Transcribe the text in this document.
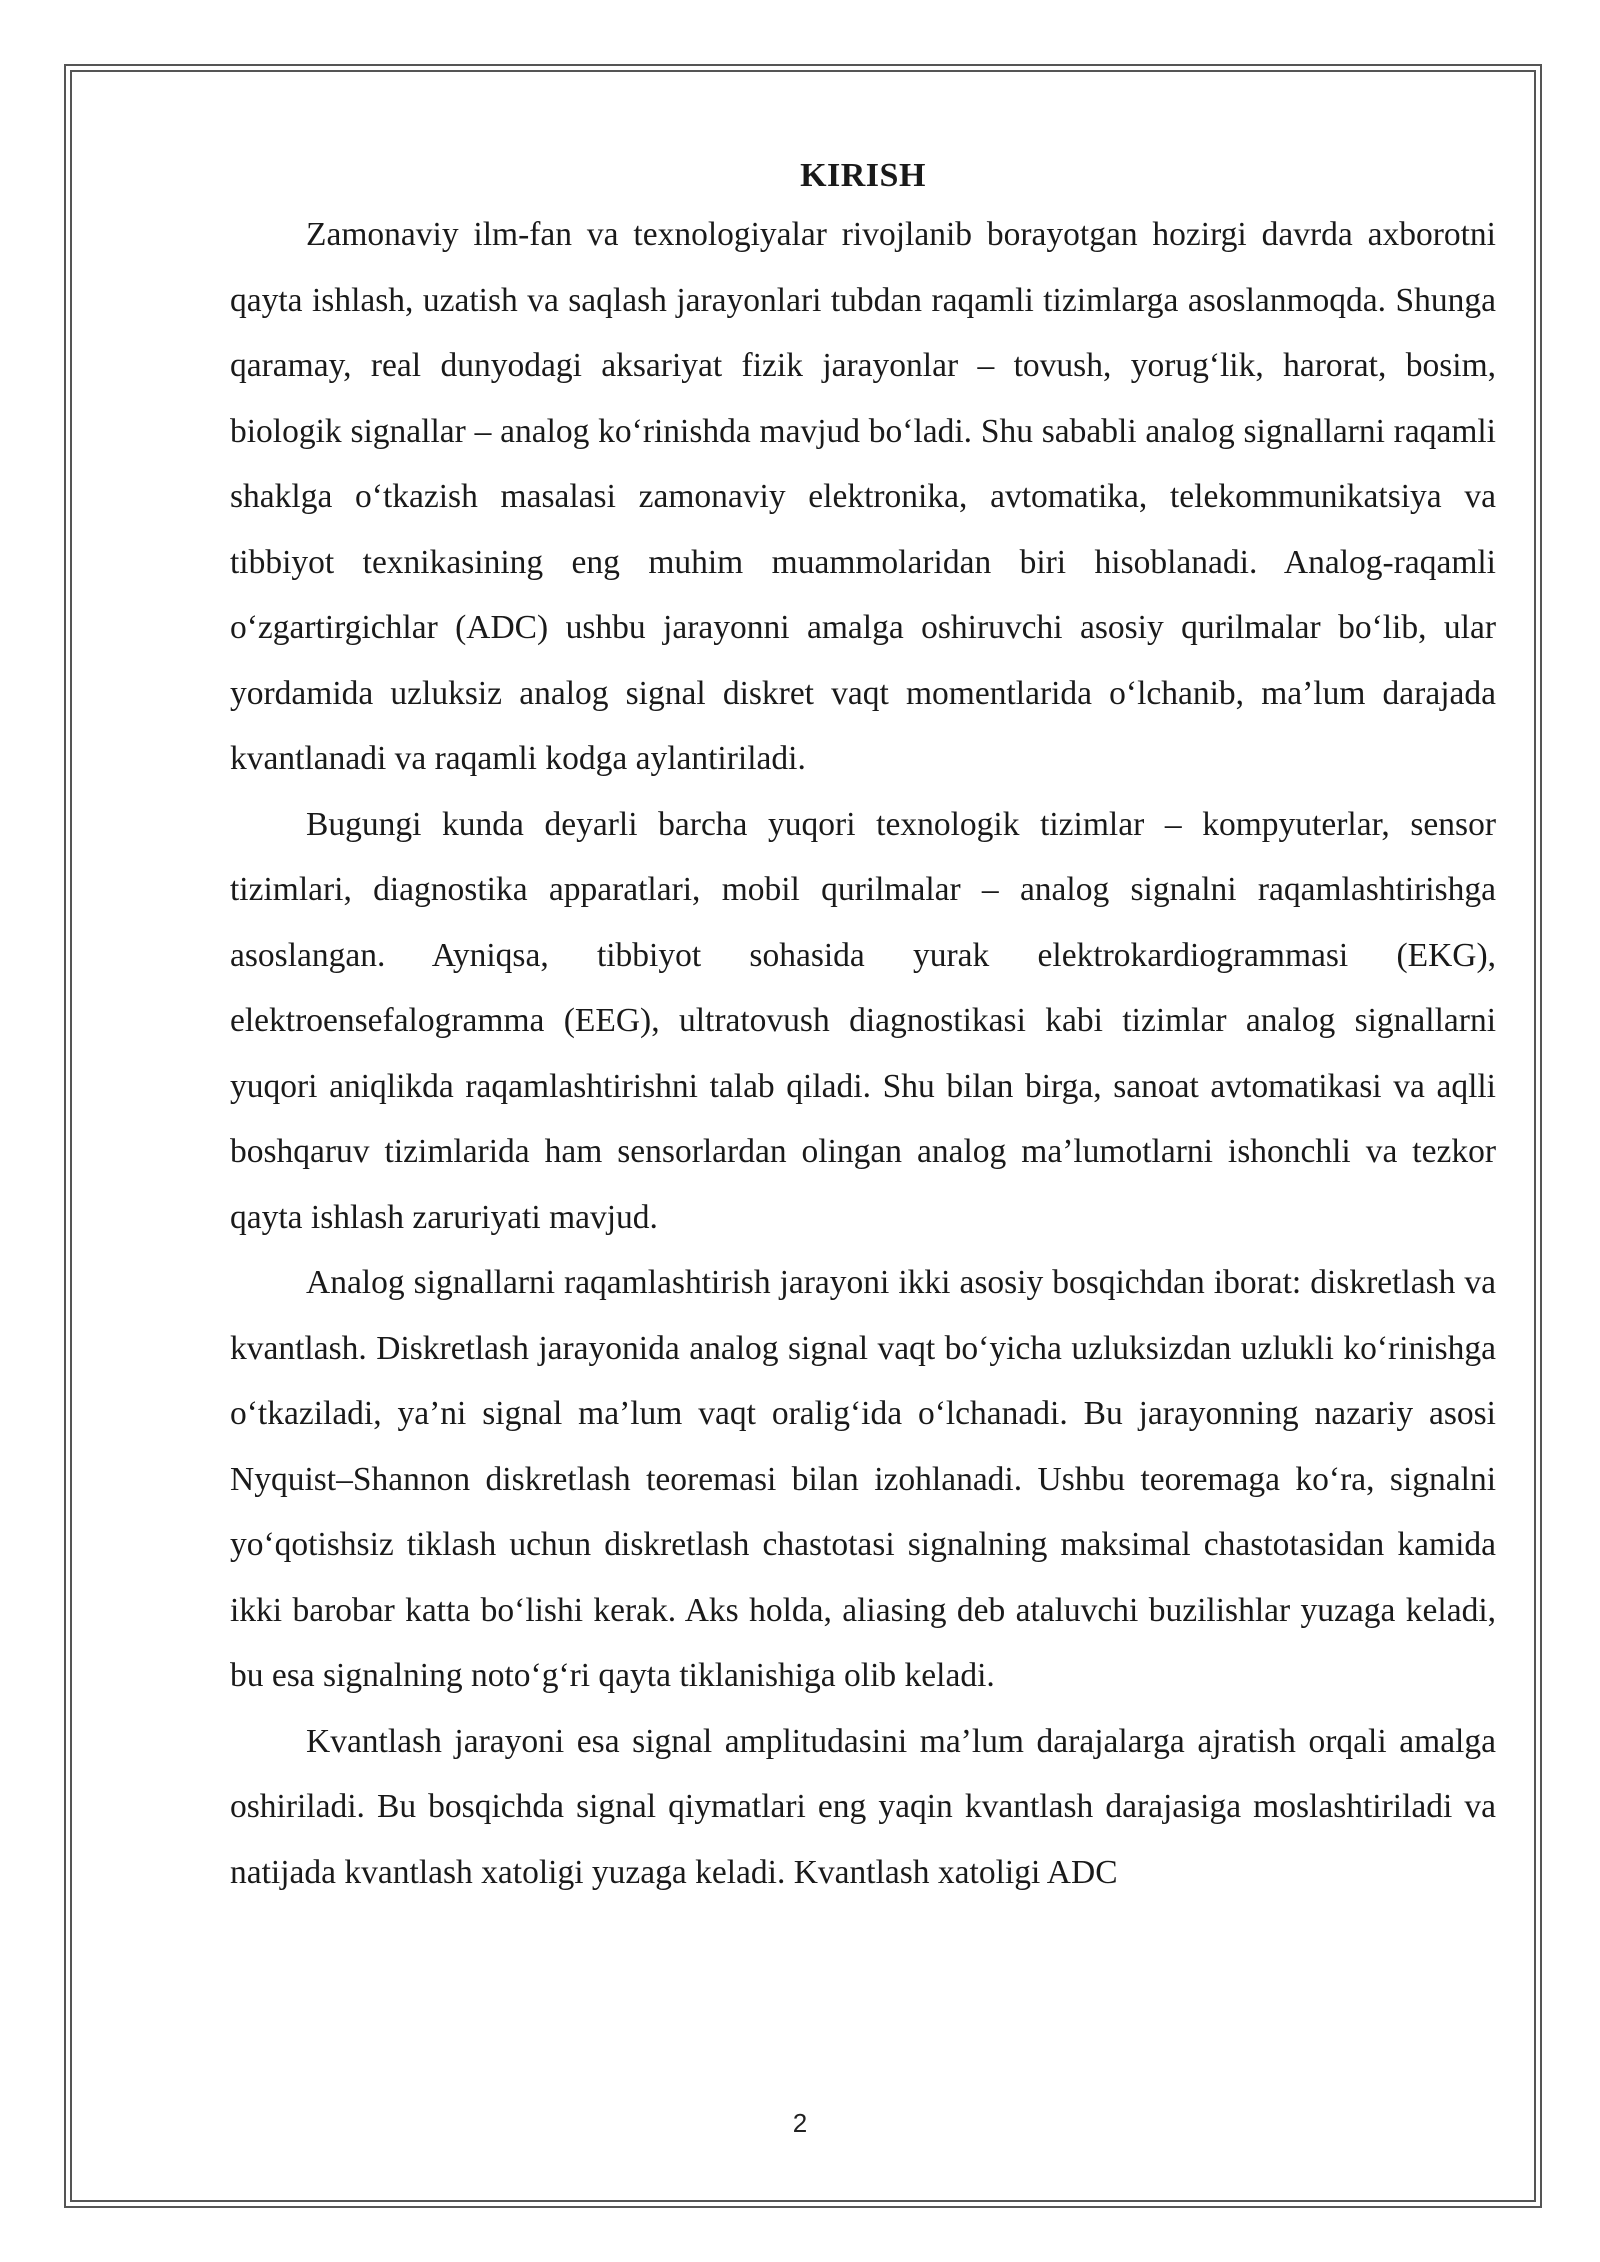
KIRISH

Zamonaviy ilm-fan va texnologiyalar rivojlanib borayotgan hozirgi davrda axborotni qayta ishlash, uzatish va saqlash jarayonlari tubdan raqamli tizimlarga asoslanmoqda. Shunga qaramay, real dunyodagi aksariyat fizik jarayonlar – tovush, yorug‘lik, harorat, bosim, biologik signallar – analog ko‘rinishda mavjud bo‘ladi. Shu sababli analog signallarni raqamli shaklga o‘tkazish masalasi zamonaviy elektronika, avtomatika, telekommunikatsiya va tibbiyot texnikasining eng muhim muammolaridan biri hisoblanadi. Analog-raqamli o‘zgartirgichlar (ADC) ushbu jarayonni amalga oshiruvchi asosiy qurilmalar bo‘lib, ular yordamida uzluksiz analog signal diskret vaqt momentlarida o‘lchanib, ma’lum darajada kvantlanadi va raqamli kodga aylantiriladi.

Bugungi kunda deyarli barcha yuqori texnologik tizimlar – kompyuterlar, sensor tizimlari, diagnostika apparatlari, mobil qurilmalar – analog signalni raqamlashtirishga asoslangan. Ayniqsa, tibbiyot sohasida yurak elektrokardiogrammasi (EKG), elektroensefalogramma (EEG), ultratovush diagnostikasi kabi tizimlar analog signallarni yuqori aniqlikda raqamlashtirishni talab qiladi. Shu bilan birga, sanoat avtomatikasi va aqlli boshqaruv tizimlarida ham sensorlardan olingan analog ma’lumotlarni ishonchli va tezkor qayta ishlash zaruriyati mavjud.

Analog signallarni raqamlashtirish jarayoni ikki asosiy bosqichdan iborat: diskretlash va kvantlash. Diskretlash jarayonida analog signal vaqt bo‘yicha uzluksizdan uzlukli ko‘rinishga o‘tkaziladi, ya’ni signal ma’lum vaqt oralig‘ida o‘lchanadi. Bu jarayonning nazariy asosi Nyquist–Shannon diskretlash teoremasi bilan izohlanadi. Ushbu teoremaga ko‘ra, signalni yo‘qotishsiz tiklash uchun diskretlash chastotasi signalning maksimal chastotasidan kamida ikki barobar katta bo‘lishi kerak. Aks holda, aliasing deb ataluvchi buzilishlar yuzaga keladi, bu esa signalning noto‘g‘ri qayta tiklanishiga olib keladi.

Kvantlash jarayoni esa signal amplitudasini ma’lum darajalarga ajratish orqali amalga oshiriladi. Bu bosqichda signal qiymatlari eng yaqin kvantlash darajasiga moslashtiriladi va natijada kvantlash xatoligi yuzaga keladi. Kvantlash xatoligi ADC

2
